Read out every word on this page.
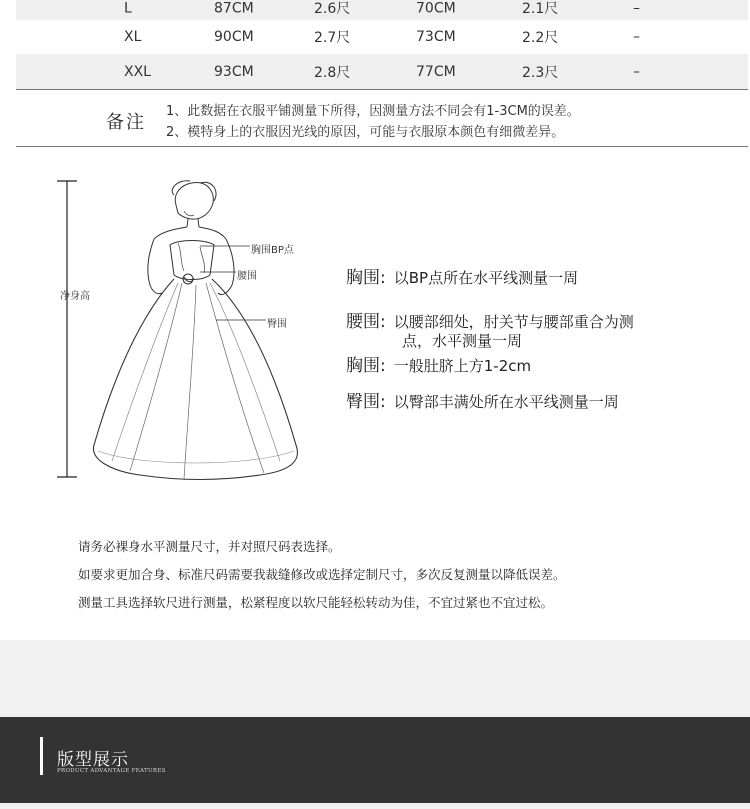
L	87CM	2.6尺	70CM	2.1尺	–
XL	90CM	2.7尺	73CM	2.2尺	–
XXL	93CM	2.8尺	77CM	2.3尺	–
备注
1、此数据在衣服平铺测量下所得，因测量方法不同会有1-3CM的误差。
2、模特身上的衣服因光线的原因，可能与衣服原本颜色有细微差异。
净身高
胸围BP点
腰围
臀围
胸围: 以BP点所在水平线测量一周
腰围: 以腰部细处，肘关节与腰部重合为测
点，水平测量一周
胸围: 一般肚脐上方1-2cm
臀围: 以臀部丰满处所在水平线测量一周
请务必裸身水平测量尺寸，并对照尺码表选择。
如要求更加合身、标准尺码需要我裁缝修改或选择定制尺寸，多次反复测量以降低误差。
测量工具选择软尺进行测量，松紧程度以软尺能轻松转动为佳，不宜过紧也不宜过松。
版型展示
PRODUCT ADVANTAGE FEATURES
